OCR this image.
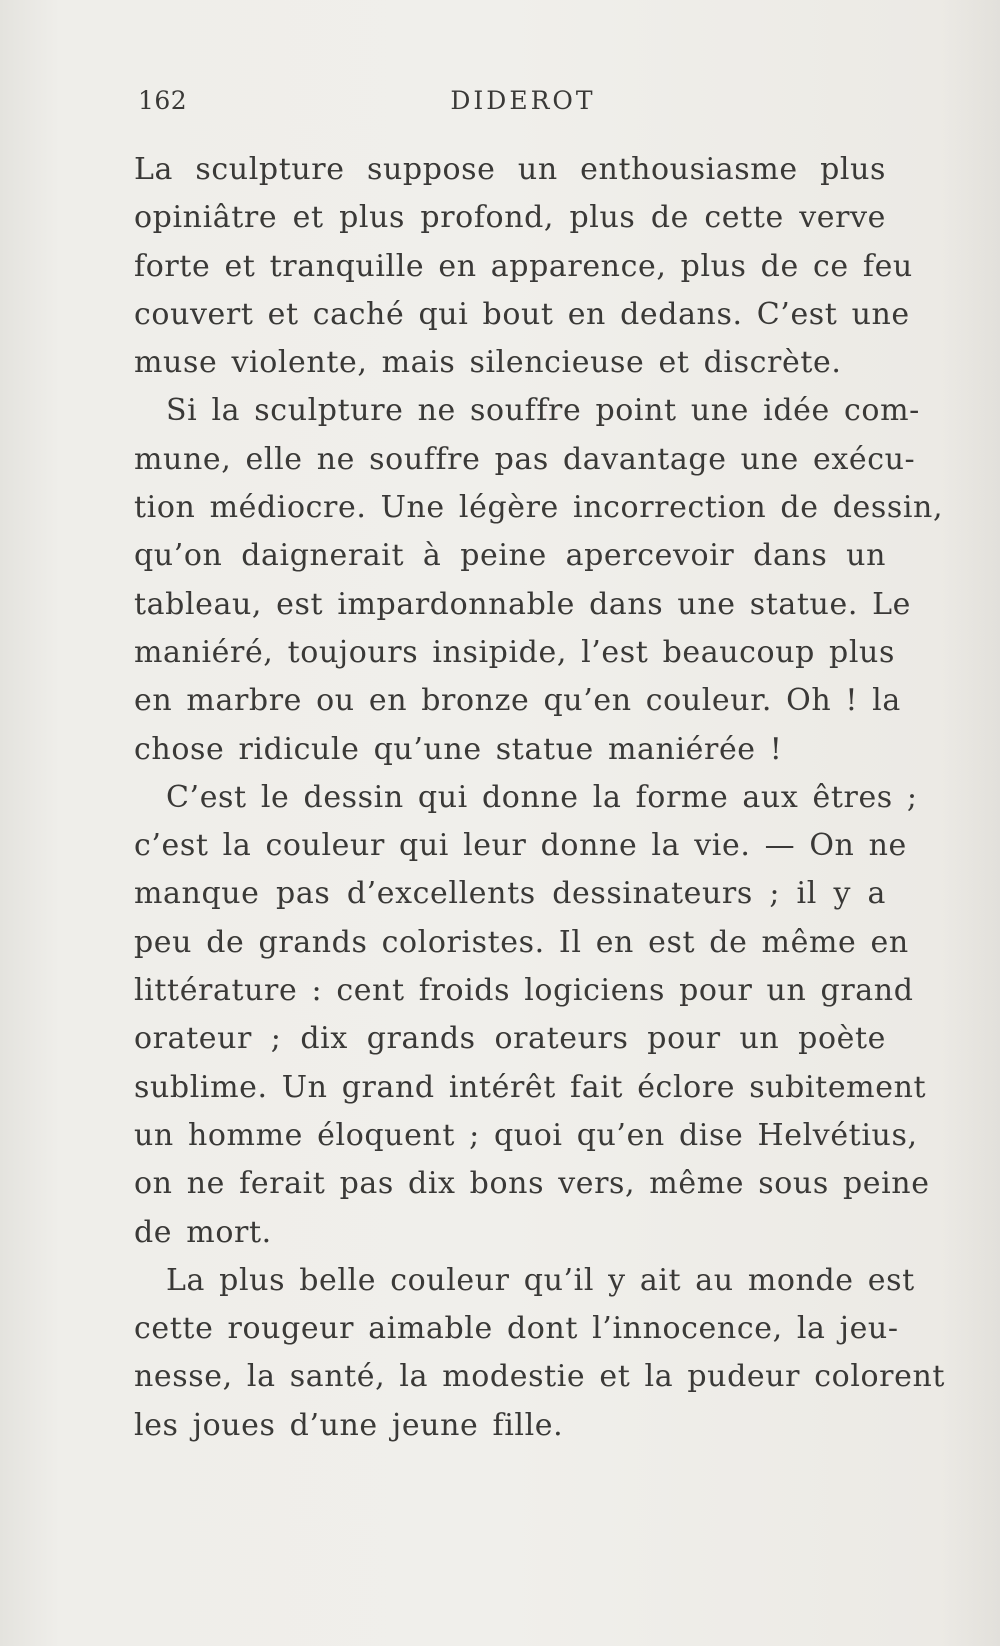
162	DIDEROT

La sculpture suppose un enthousiasme plus
opiniâtre et plus profond, plus de cette verve
forte et tranquille en apparence, plus de ce feu
couvert et caché qui bout en dedans. C’est une
muse violente, mais silencieuse et discrète.

Si la sculpture ne souffre point une idée com-
mune, elle ne souffre pas davantage une exécu-
tion médiocre. Une légère incorrection de dessin,
qu’on daignerait à peine apercevoir dans un
tableau, est impardonnable dans une statue. Le
maniéré, toujours insipide, l’est beaucoup plus
en marbre ou en bronze qu’en couleur. Oh ! la
chose ridicule qu’une statue maniérée !

C’est le dessin qui donne la forme aux êtres ;
c’est la couleur qui leur donne la vie. — On ne
manque pas d’excellents dessinateurs ; il y a
peu de grands coloristes. Il en est de même en
littérature : cent froids logiciens pour un grand
orateur ; dix grands orateurs pour un poète
sublime. Un grand intérêt fait éclore subitement
un homme éloquent ; quoi qu’en dise Helvétius,
on ne ferait pas dix bons vers, même sous peine
de mort.

La plus belle couleur qu’il y ait au monde est
cette rougeur aimable dont l’innocence, la jeu-
nesse, la santé, la modestie et la pudeur colorent
les joues d’une jeune fille.
